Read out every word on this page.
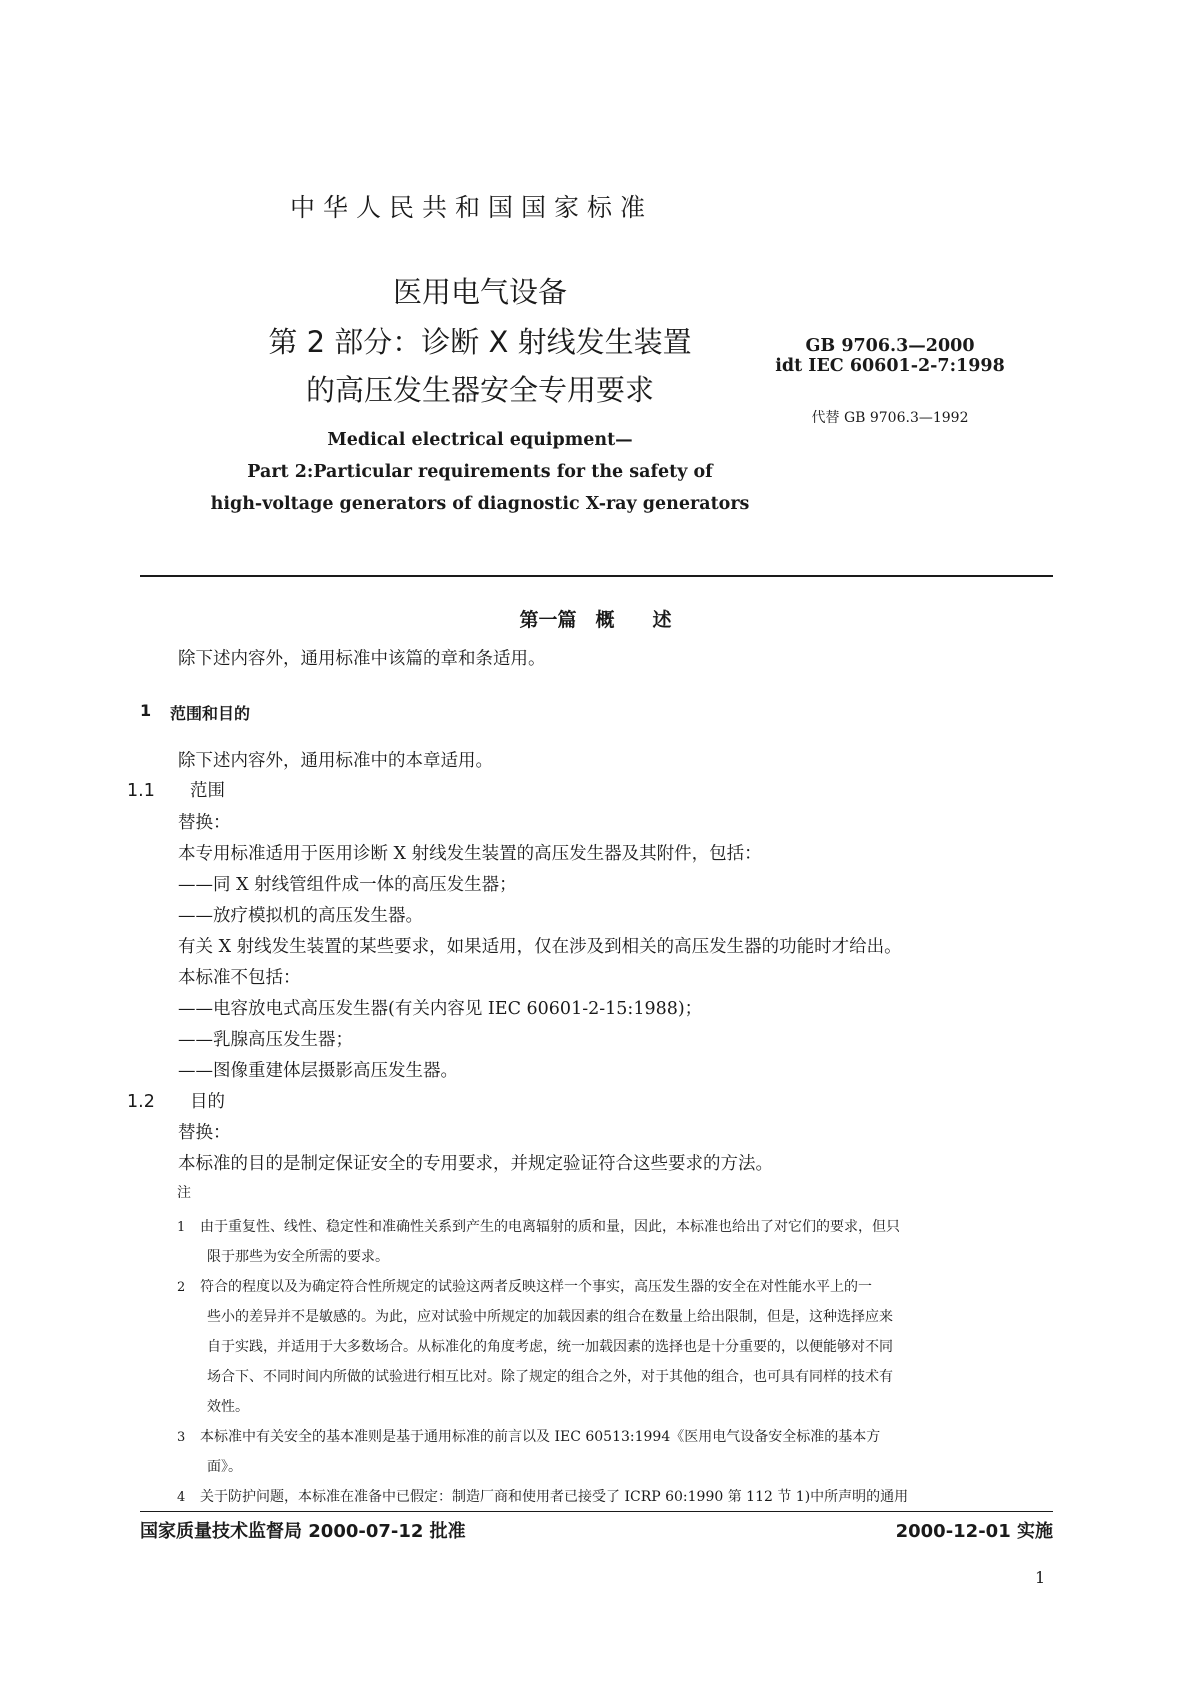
中华人民共和国国家标准
医用电气设备
第 2 部分：诊断 X 射线发生装置
的高压发生器安全专用要求
GB 9706.3—2000
idt IEC 60601-2-7:1998
代替 GB 9706.3—1992
Medical electrical equipment—
Part 2:Particular requirements for the safety of
high-voltage generators of diagnostic X-ray generators
第一篇　概　　述
除下述内容外，通用标准中该篇的章和条适用。
1 范围和目的
除下述内容外，通用标准中的本章适用。
1.1 范围
替换：
本专用标准适用于医用诊断 X 射线发生装置的高压发生器及其附件，包括：
——同 X 射线管组件成一体的高压发生器；
——放疗模拟机的高压发生器。
有关 X 射线发生装置的某些要求，如果适用，仅在涉及到相关的高压发生器的功能时才给出。
本标准不包括：
——电容放电式高压发生器(有关内容见 IEC 60601-2-15:1988)；
——乳腺高压发生器；
——图像重建体层摄影高压发生器。
1.2 目的
替换：
本标准的目的是制定保证安全的专用要求，并规定验证符合这些要求的方法。
注
1 由于重复性、线性、稳定性和准确性关系到产生的电离辐射的质和量，因此，本标准也给出了对它们的要求，但只
限于那些为安全所需的要求。
2 符合的程度以及为确定符合性所规定的试验这两者反映这样一个事实，高压发生器的安全在对性能水平上的一
些小的差异并不是敏感的。为此，应对试验中所规定的加载因素的组合在数量上给出限制，但是，这种选择应来
自于实践，并适用于大多数场合。从标准化的角度考虑，统一加载因素的选择也是十分重要的，以便能够对不同
场合下、不同时间内所做的试验进行相互比对。除了规定的组合之外，对于其他的组合，也可具有同样的技术有
效性。
3 本标准中有关安全的基本准则是基于通用标准的前言以及 IEC 60513:1994《医用电气设备安全标准的基本方
面》。
4 关于防护问题，本标准在准备中已假定：制造厂商和使用者已接受了 ICRP 60:1990 第 112 节 1)中所声明的通用
国家质量技术监督局 2000-07-12 批准	2000-12-01 实施
1
